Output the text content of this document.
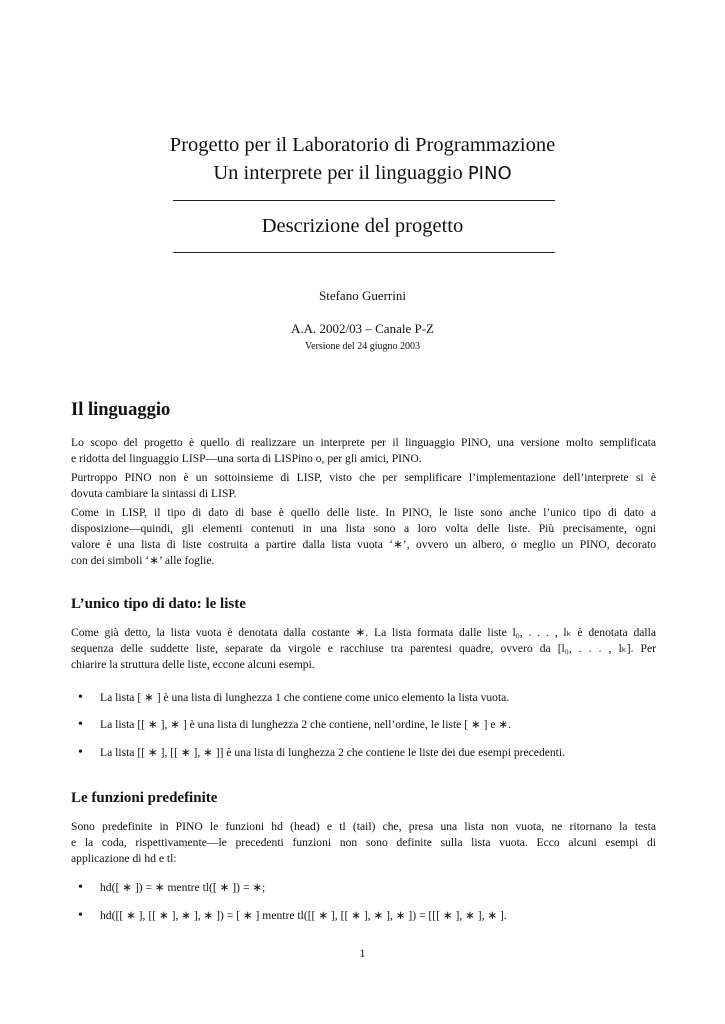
Progetto per il Laboratorio di Programmazione
Un interprete per il linguaggio PINO
Descrizione del progetto
Stefano Guerrini
A.A. 2002/03 – Canale P-Z
Versione del 24 giugno 2003
Il linguaggio
Lo scopo del progetto è quello di realizzare un interprete per il linguaggio PINO, una versione molto semplificata
e ridotta del linguaggio LISP—una sorta di LISPino o, per gli amici, PINO.
Purtroppo PINO non è un sottoinsieme di LISP, visto che per semplificare l’implementazione dell’interprete si è
dovuta cambiare la sintassi di LISP.
Come in LISP, il tipo di dato di base è quello delle liste. In PINO, le liste sono anche l’unico tipo di dato a
disposizione—quindi, gli elementi contenuti in una lista sono a loro volta delle liste. Più precisamente, ogni
valore è una lista di liste costruita a partire dalla lista vuota ‘∗’, ovvero un albero, o meglio un PINO, decorato
con dei simboli ‘∗’ alle foglie.
L’unico tipo di dato: le liste
Come già detto, la lista vuota è denotata dalla costante ∗. La lista formata dalle liste l₀, . . . , lₖ è denotata dalla
sequenza delle suddette liste, separate da virgole e racchiuse tra parentesi quadre, ovvero da [l₀, . . . , lₖ]. Per
chiarire la struttura delle liste, eccone alcuni esempi.
• La lista [ ∗ ] è una lista di lunghezza 1 che contiene come unico elemento la lista vuota.
• La lista [[ ∗ ], ∗ ] è una lista di lunghezza 2 che contiene, nell’ordine, le liste [ ∗ ] e ∗.
• La lista [[ ∗ ], [[ ∗ ], ∗ ]] è una lista di lunghezza 2 che contiene le liste dei due esempi precedenti.
Le funzioni predefinite
Sono predefinite in PINO le funzioni hd (head) e tl (tail) che, presa una lista non vuota, ne ritornano la testa
e la coda, rispettivamente—le precedenti funzioni non sono definite sulla lista vuota. Ecco alcuni esempi di
applicazione di hd e tl:
• hd([ ∗ ]) = ∗ mentre tl([ ∗ ]) = ∗;
• hd([[ ∗ ], [[ ∗ ], ∗ ], ∗ ]) = [ ∗ ] mentre tl([[ ∗ ], [[ ∗ ], ∗ ], ∗ ]) = [[[ ∗ ], ∗ ], ∗ ].
1
